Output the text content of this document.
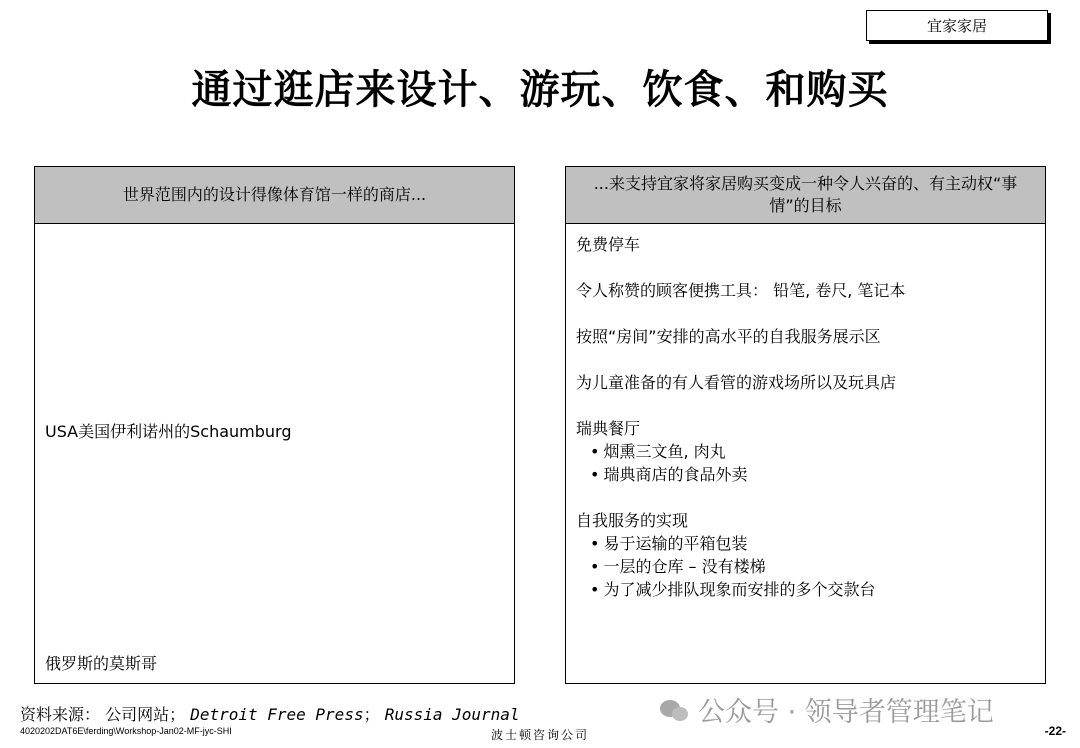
宜家家居
通过逛店来设计、游玩、饮食、和购买
世界范围内的设计得像体育馆一样的商店...
USA美国伊利诺州的Schaumburg
俄罗斯的莫斯哥
...来支持宜家将家居购买变成一种令人兴奋的、有主动权“事情”的目标
免费停车
令人称赞的顾客便携工具： 铅笔, 卷尺, 笔记本
按照“房间”安排的高水平的自我服务展示区
为儿童准备的有人看管的游戏场所以及玩具店
瑞典餐厅
• 烟熏三文鱼, 肉丸
• 瑞典商店的食品外卖
自我服务的实现
• 易于运输的平箱包装
• 一层的仓库 – 没有楼梯
• 为了减少排队现象而安排的多个交款台
资料来源： 公司网站； Detroit Free Press； Russia Journal	公众号 · 领导者管理笔记
4020202DAT6E\ferding\Workshop-Jan02-MF-jyc-SHI	波士顿咨询公司	-22-
